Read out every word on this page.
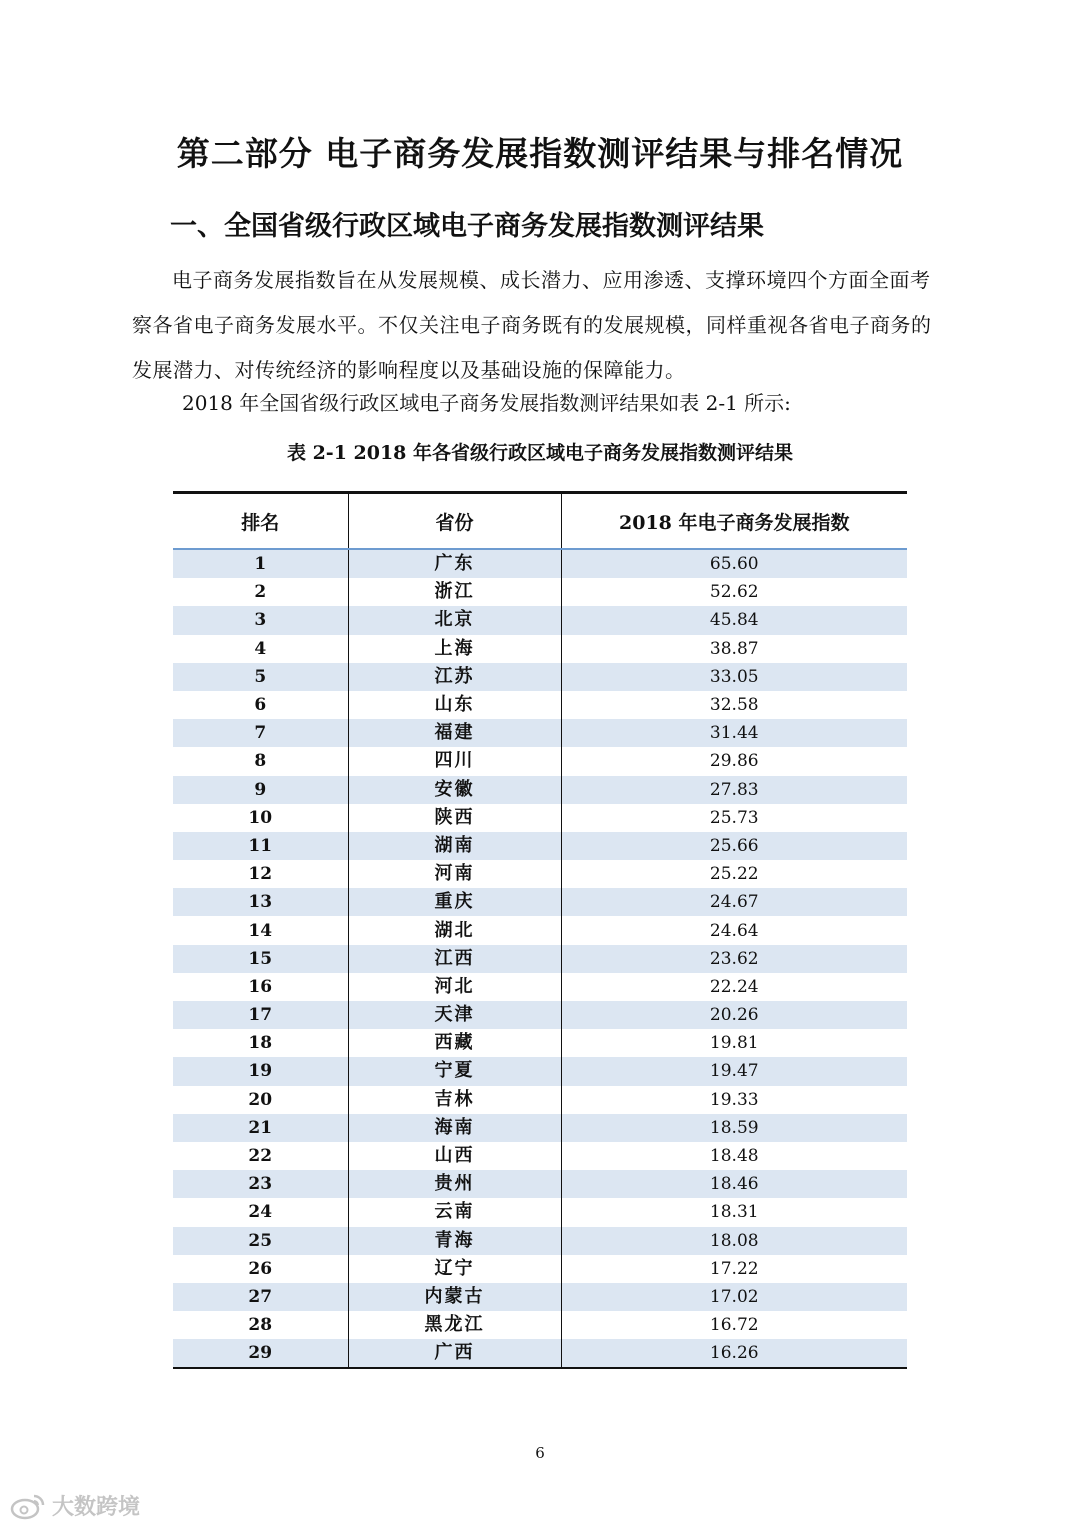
第二部分 电子商务发展指数测评结果与排名情况
一、全国省级行政区域电子商务发展指数测评结果
电子商务发展指数旨在从发展规模、成长潜力、应用渗透、支撑环境四个方面全面考察各省电子商务发展水平。不仅关注电子商务既有的发展规模，同样重视各省电子商务的发展潜力、对传统经济的影响程度以及基础设施的保障能力。
2018 年全国省级行政区域电子商务发展指数测评结果如表 2-1 所示:
表 2-1 2018 年各省级行政区域电子商务发展指数测评结果
排名	省份	2018 年电子商务发展指数
1	广东	65.60
2	浙江	52.62
3	北京	45.84
4	上海	38.87
5	江苏	33.05
6	山东	32.58
7	福建	31.44
8	四川	29.86
9	安徽	27.83
10	陕西	25.73
11	湖南	25.66
12	河南	25.22
13	重庆	24.67
14	湖北	24.64
15	江西	23.62
16	河北	22.24
17	天津	20.26
18	西藏	19.81
19	宁夏	19.47
20	吉林	19.33
21	海南	18.59
22	山西	18.48
23	贵州	18.46
24	云南	18.31
25	青海	18.08
26	辽宁	17.22
27	内蒙古	17.02
28	黑龙江	16.72
29	广西	16.26
6
大数跨境
